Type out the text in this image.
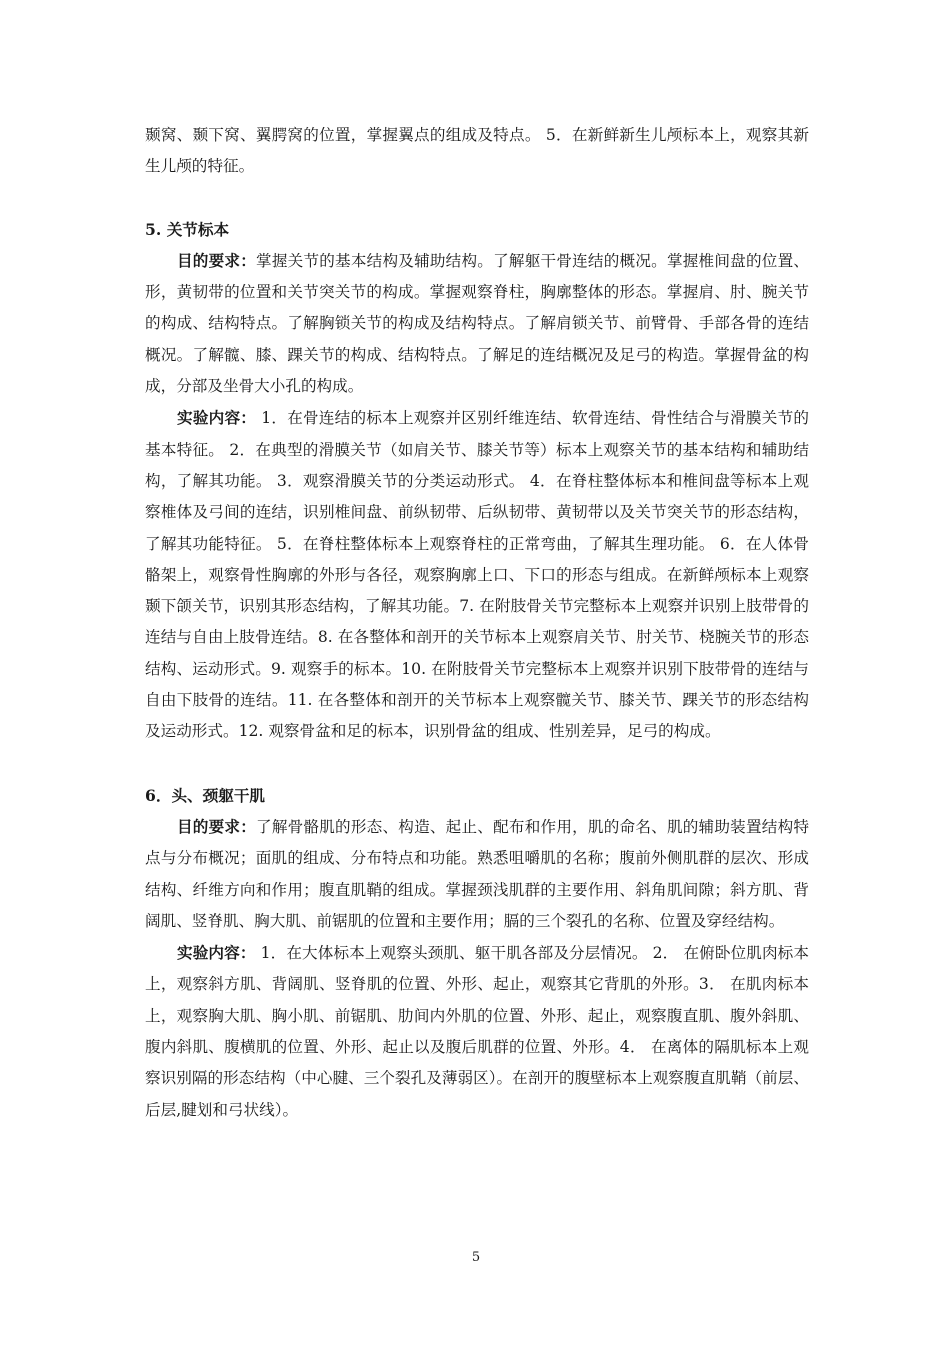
颞窝、颞下窝、翼腭窝的位置，掌握翼点的组成及特点。 5．在新鲜新生儿颅标本上，观察其新生儿颅的特征。

5. 关节标本

目的要求：掌握关节的基本结构及辅助结构。了解躯干骨连结的概况。掌握椎间盘的位置、形，黄韧带的位置和关节突关节的构成。掌握观察脊柱，胸廓整体的形态。掌握肩、肘、腕关节的构成、结构特点。了解胸锁关节的构成及结构特点。了解肩锁关节、前臂骨、手部各骨的连结概况。了解髋、膝、踝关节的构成、结构特点。了解足的连结概况及足弓的构造。掌握骨盆的构成，分部及坐骨大小孔的构成。

实验内容： 1．在骨连结的标本上观察并区别纤维连结、软骨连结、骨性结合与滑膜关节的基本特征。 2．在典型的滑膜关节（如肩关节、膝关节等）标本上观察关节的基本结构和辅助结构，了解其功能。 3．观察滑膜关节的分类运动形式。 4．在脊柱整体标本和椎间盘等标本上观察椎体及弓间的连结，识别椎间盘、前纵韧带、后纵韧带、黄韧带以及关节突关节的形态结构，了解其功能特征。 5．在脊柱整体标本上观察脊柱的正常弯曲，了解其生理功能。 6．在人体骨骼架上，观察骨性胸廓的外形与各径，观察胸廓上口、下口的形态与组成。在新鲜颅标本上观察颞下颌关节，识别其形态结构，了解其功能。7. 在附肢骨关节完整标本上观察并识别上肢带骨的连结与自由上肢骨连结。8. 在各整体和剖开的关节标本上观察肩关节、肘关节、桡腕关节的形态结构、运动形式。9. 观察手的标本。10. 在附肢骨关节完整标本上观察并识别下肢带骨的连结与自由下肢骨的连结。11. 在各整体和剖开的关节标本上观察髋关节、膝关节、踝关节的形态结构及运动形式。12. 观察骨盆和足的标本，识别骨盆的组成、性别差异，足弓的构成。

6．头、颈躯干肌

目的要求：了解骨骼肌的形态、构造、起止、配布和作用，肌的命名、肌的辅助装置结构特点与分布概况；面肌的组成、分布特点和功能。熟悉咀嚼肌的名称；腹前外侧肌群的层次、形成结构、纤维方向和作用；腹直肌鞘的组成。掌握颈浅肌群的主要作用、斜角肌间隙；斜方肌、背阔肌、竖脊肌、胸大肌、前锯肌的位置和主要作用；膈的三个裂孔的名称、位置及穿经结构。

实验内容： 1．在大体标本上观察头颈肌、躯干肌各部及分层情况。 2． 在俯卧位肌肉标本上，观察斜方肌、背阔肌、竖脊肌的位置、外形、起止，观察其它背肌的外形。3． 在肌肉标本上，观察胸大肌、胸小肌、前锯肌、肋间内外肌的位置、外形、起止，观察腹直肌、腹外斜肌、腹内斜肌、腹横肌的位置、外形、起止以及腹后肌群的位置、外形。4． 在离体的隔肌标本上观察识别隔的形态结构（中心腱、三个裂孔及薄弱区）。在剖开的腹壁标本上观察腹直肌鞘（前层、后层,腱划和弓状线）。

5
